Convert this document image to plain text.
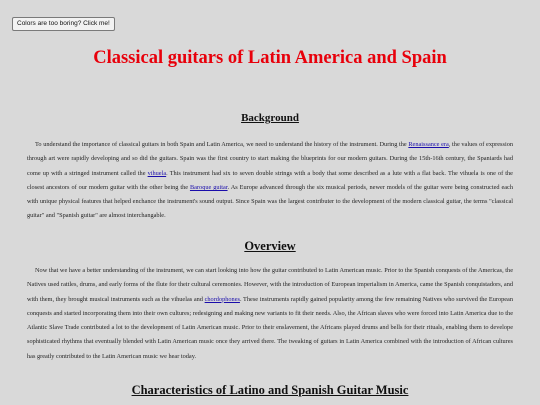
Colors are too boring? Click me!
Classical guitars of Latin America and Spain
Background

To understand the importance of classical guitars in both Spain and Latin America, we need to understand the history of the instrument. During the Renaissance era, the values of expression through art were rapidly developing and so did the guitars. Spain was the first country to start making the blueprints for our modern guitars. During the 15th-16th century, the Spaniards had come up with a stringed instrument called the vihuela. This instrument had six to seven double strings with a body that some described as a lute with a flat back. The vihuela is one of the closest ancestors of our modern guitar with the other being the Baroque guitar. As Europe advanced through the six musical periods, newer models of the guitar were being constructed each with unique physical features that helped enchance the instrument's sound output. Since Spain was the largest contributer to the development of the modern classical guitar, the terms "classical guitar" and "Spanish guitar" are almost interchangable.

Overview

Now that we have a better understanding of the instrument, we can start looking into how the guitar contributed to Latin American music. Prior to the Spanish conquests of the Americas, the Natives used rattles, drums, and early forms of the flute for their cultural ceremonies. However, with the introduction of European imperialism in America, came the Spanish conquistadors, and with them, they brought musical instruments such as the vihuelas and chordophones. These instruments rapidly gained popularity among the few remaining Natives who survived the European conquests and started incorporating them into their own cultures; redesigning and making new variants to fit their needs. Also, the African slaves who were forced into Latin America due to the Atlantic Slave Trade contributed a lot to the development of Latin American music. Prior to their enslavement, the Africans played drums and bells for their rituals, enabling them to develope sophisticated rhythms that eventually blended with Latin American music once they arrived there. The tweaking of guitars in Latin America combined with the introduction of African cultures has greatly contributed to the Latin American music we hear today.

Characteristics of Latino and Spanish Guitar Music
